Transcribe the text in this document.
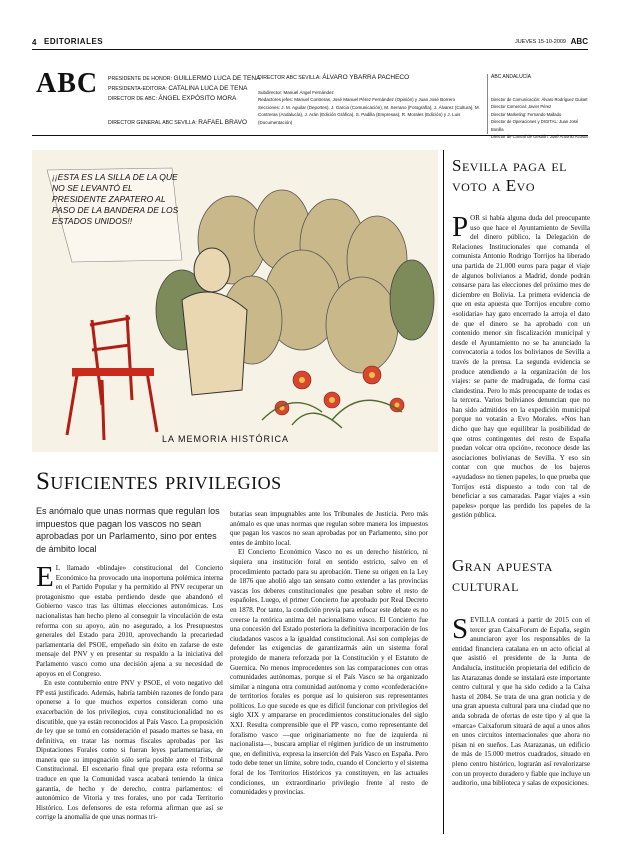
4 EDITORIALES	JUEVES 15-10-2009 ABC
ABC PRESIDENTE DE HONOR: GUILLERMO LUCA DE TENA
PRESIDENTA-EDITORA: CATALINA LUCA DE TENA
DIRECTOR DE ABC: ÁNGEL EXPÓSITO MORA
DIRECTOR GENERAL ABC SEVILLA: RAFAEL BRAVO
DIRECTOR ABC SEVILLA: ÁLVARO YBARRA PACHECO
Subdirector: Manuel Ángel Fernández
Redactores jefes: Manuel Contreras, José Manuel Pérez Fernández (Opinión) y Juan José Borrero
Secciones: J. M. Aguilar (Deportes), J. Garcia (Comunicación), M. Serrano (Fotografía), J. Álvarez (Cultura), M. Contreras (Andalucía), J. Arán (Edición Gráfica), S. Padilla (Empresas), R. Morales (Edición) y J. Luis (Documentación)
ABC ANDALUCÍA
Director de Comunicación: Álvaro Rodríguez Guitart
Director Comercial: Javier Pérez
Director Marketing: Fernando Mallado
Director de Operaciones y DIGITAL: Juan José Bonilla
Director de Control de Gestión: José Antonio Acosta
¡¡ESTA ES LA SILLA DE LA QUE NO SE LEVANTÓ EL PRESIDENTE ZAPATERO AL PASO DE LA BANDERA DE LOS ESTADOS UNIDOS!!
LA MEMORIA HISTÓRICA
Suficientes privilegios
Es anómalo que unas normas que regulan los impuestos que pagan los vascos no sean aprobadas por un Parlamento, sino por entes de ámbito local

EL llamado «blindaje» constitucional del Concierto Económico ha provocado una inoportuna polémica interna en el Partido Popular y ha permitido al PNV recuperar un protagonismo que estaba perdiendo desde que abandonó el Gobierno vasco tras las últimas elecciones autonómicas. Los nacionalistas han hecho pleno al conseguir la vinculación de esta reforma con su apoyo, aún no asegurado, a los Presupuestos generales del Estado para 2010, aprovechando la precariedad parlamentaria del PSOE, empeñado sin éxito en zafarse de este mensaje del PNV y en presentar su respaldo a la iniciativa del Parlamento vasco como una decisión ajena a su necesidad de apoyos en el Congreso.

En este contubernio entre PNV y PSOE, el voto negativo del PP está justificado. Además, habría también razones de fondo para oponerse a lo que muchos expertos consideran como una exacerbación de los privilegios, cuya constitucionalidad no es discutible, que ya están reconocidos al País Vasco. La proposición de ley que se tomó en consideración el pasado martes se basa, en definitiva, en tratar las normas fiscales aprobadas por las Diputaciones Forales como si fueran leyes parlamentarias, de manera que su impugnación sólo sería posible ante el Tribunal Constitucional. El escenario final que prepara esta reforma se traduce en que la Comunidad vasca acabará teniendo la única garantía, de hecho y de derecho, contra parlamentos: el autonómico de Vitoria y tres forales, uno por cada Territorio Histórico. Los defensores de esta reforma afirman que así se corrige la anomalía de que unas normas tri-

butarias sean impugnables ante los Tribunales de Justicia. Pero más anómalo es que unas normas que regulan sobre manera los impuestos que pagan los vascos no sean aprobadas por un Parlamento, sino por entes de ámbito local.

El Concierto Económico Vasco no es un derecho histórico, ni siquiera una institución foral en sentido estricto, salvo en el procedimiento pactado para su aprobación. Tiene su origen en la Ley de 1876 que abolió algo tan sensato como extender a las provincias vascas los deberes constitucionales que pesaban sobre el resto de españoles. Luego, el primer Concierto fue aprobado por Real Decreto en 1878. Por tanto, la condición previa para enfocar este debate es no creerse la retórica antima del nacionalismo vasco. El Concierto fue una concesión del Estado posteriora la definitiva incorporación de los ciudadanos vascos a la igualdad constitucional. Así son complejas de defender las exigencias de garantizarmás aún un sistema foral protegido de manera reforzada por la Constitución y el Estatuto de Guernica. No menos improcedentes son las comparaciones con otras comunidades autónomas, porque si el País Vasco se ha organizado similar a ninguna otra comunidad autónoma y como «confederación» de territorios forales es porque así lo quisieron sus representantes políticos. Lo que sucede es que es difícil funcionar con privilegios del siglo XIX y ampararse en procedimientos constitucionales del siglo XXI. Resulta comprensible que el PP vasco, como representante del foralismo vasco —que originariamente no fue de izquierda ni nacionalista—, buscara ampliar el régimen jurídico de un instrumento que, en definitiva, expresa la inserción del País Vasco en España. Pero todo debe tener un límite, sobre todo, cuando el Concierto y el sistema foral de los Territorios Históricos ya constituyen, en las actuales condiciones, un extraordinario privilegio frente al resto de comunidades y provincias.

Sevilla paga el voto a Evo

POR si había alguna duda del preocupante uso que hace el Ayuntamiento de Sevilla del dinero público, la Delegación de Relaciones Institucionales que comanda el comunista Antonio Rodrigo Torrijos ha liberado una partida de 21.000 euros para pagar el viaje de algunos bolivianos a Madrid, donde podrán censarse para las elecciones del próximo mes de diciembre en Bolivia. La primera evidencia de que en esta apuesta que Torrijos encubre como «solidaria» hay gato encerrado la arroja el dato de que el dinero se ha aprobado con un contenido menor sin fiscalización municipal y desde el Ayuntamiento no se ha anunciado la convocatoria a todos los bolivianos de Sevilla a través de la prensa. La segunda evidencia se produce atendiendo a la organización de los viajes: se parte de madrugada, de forma casi clandestina. Pero lo más preocupante de todas es la tercera. Varios bolivianos denuncian que no han sido admitidos en la expedición municipal porque no votarán a Evo Morales. «Nos han dicho que hay que equilibrar la posibilidad de que otros contingentes del resto de España puedan volcar otra opción», reconoce desde las asociaciones bolivianas de Sevilla. Y eso sin contar con que muchos de los bajeros «ayudados» no tienen papeles, lo que prueba que Torrijos está dispuesto a todo con tal de beneficiar a sus camaradas. Pagar viajes a «sin papeles» porque las perdido los papeles de la gestión pública.

Gran apuesta cultural

SEVILLA contará a partir de 2015 con el tercer gran CaixaForum de España, según anunciaron ayer los responsables de la entidad financiera catalana en un acto oficial al que asistió el presidente de la Junta de Andalucía, institución propietaria del edificio de las Atarazanas donde se instalará este importante centro cultural y que ha sido cedido a la Caixa hasta el 2084. Se trata de una gran noticia y de una gran apuesta cultural para una ciudad que no anda sobrada de ofertas de este tipo y al que la «marca» Caixaforum situará de aquí a unos años en unos circuitos internacionales que ahora no pisan ni en sueños. Las Atarazanas, un edificio de más de 15.000 metros cuadrados, situado en pleno centro histórico, lograrán así revalorizarse con un proyecto duradero y fiable que incluye un auditorio, una biblioteca y salas de exposiciones.
